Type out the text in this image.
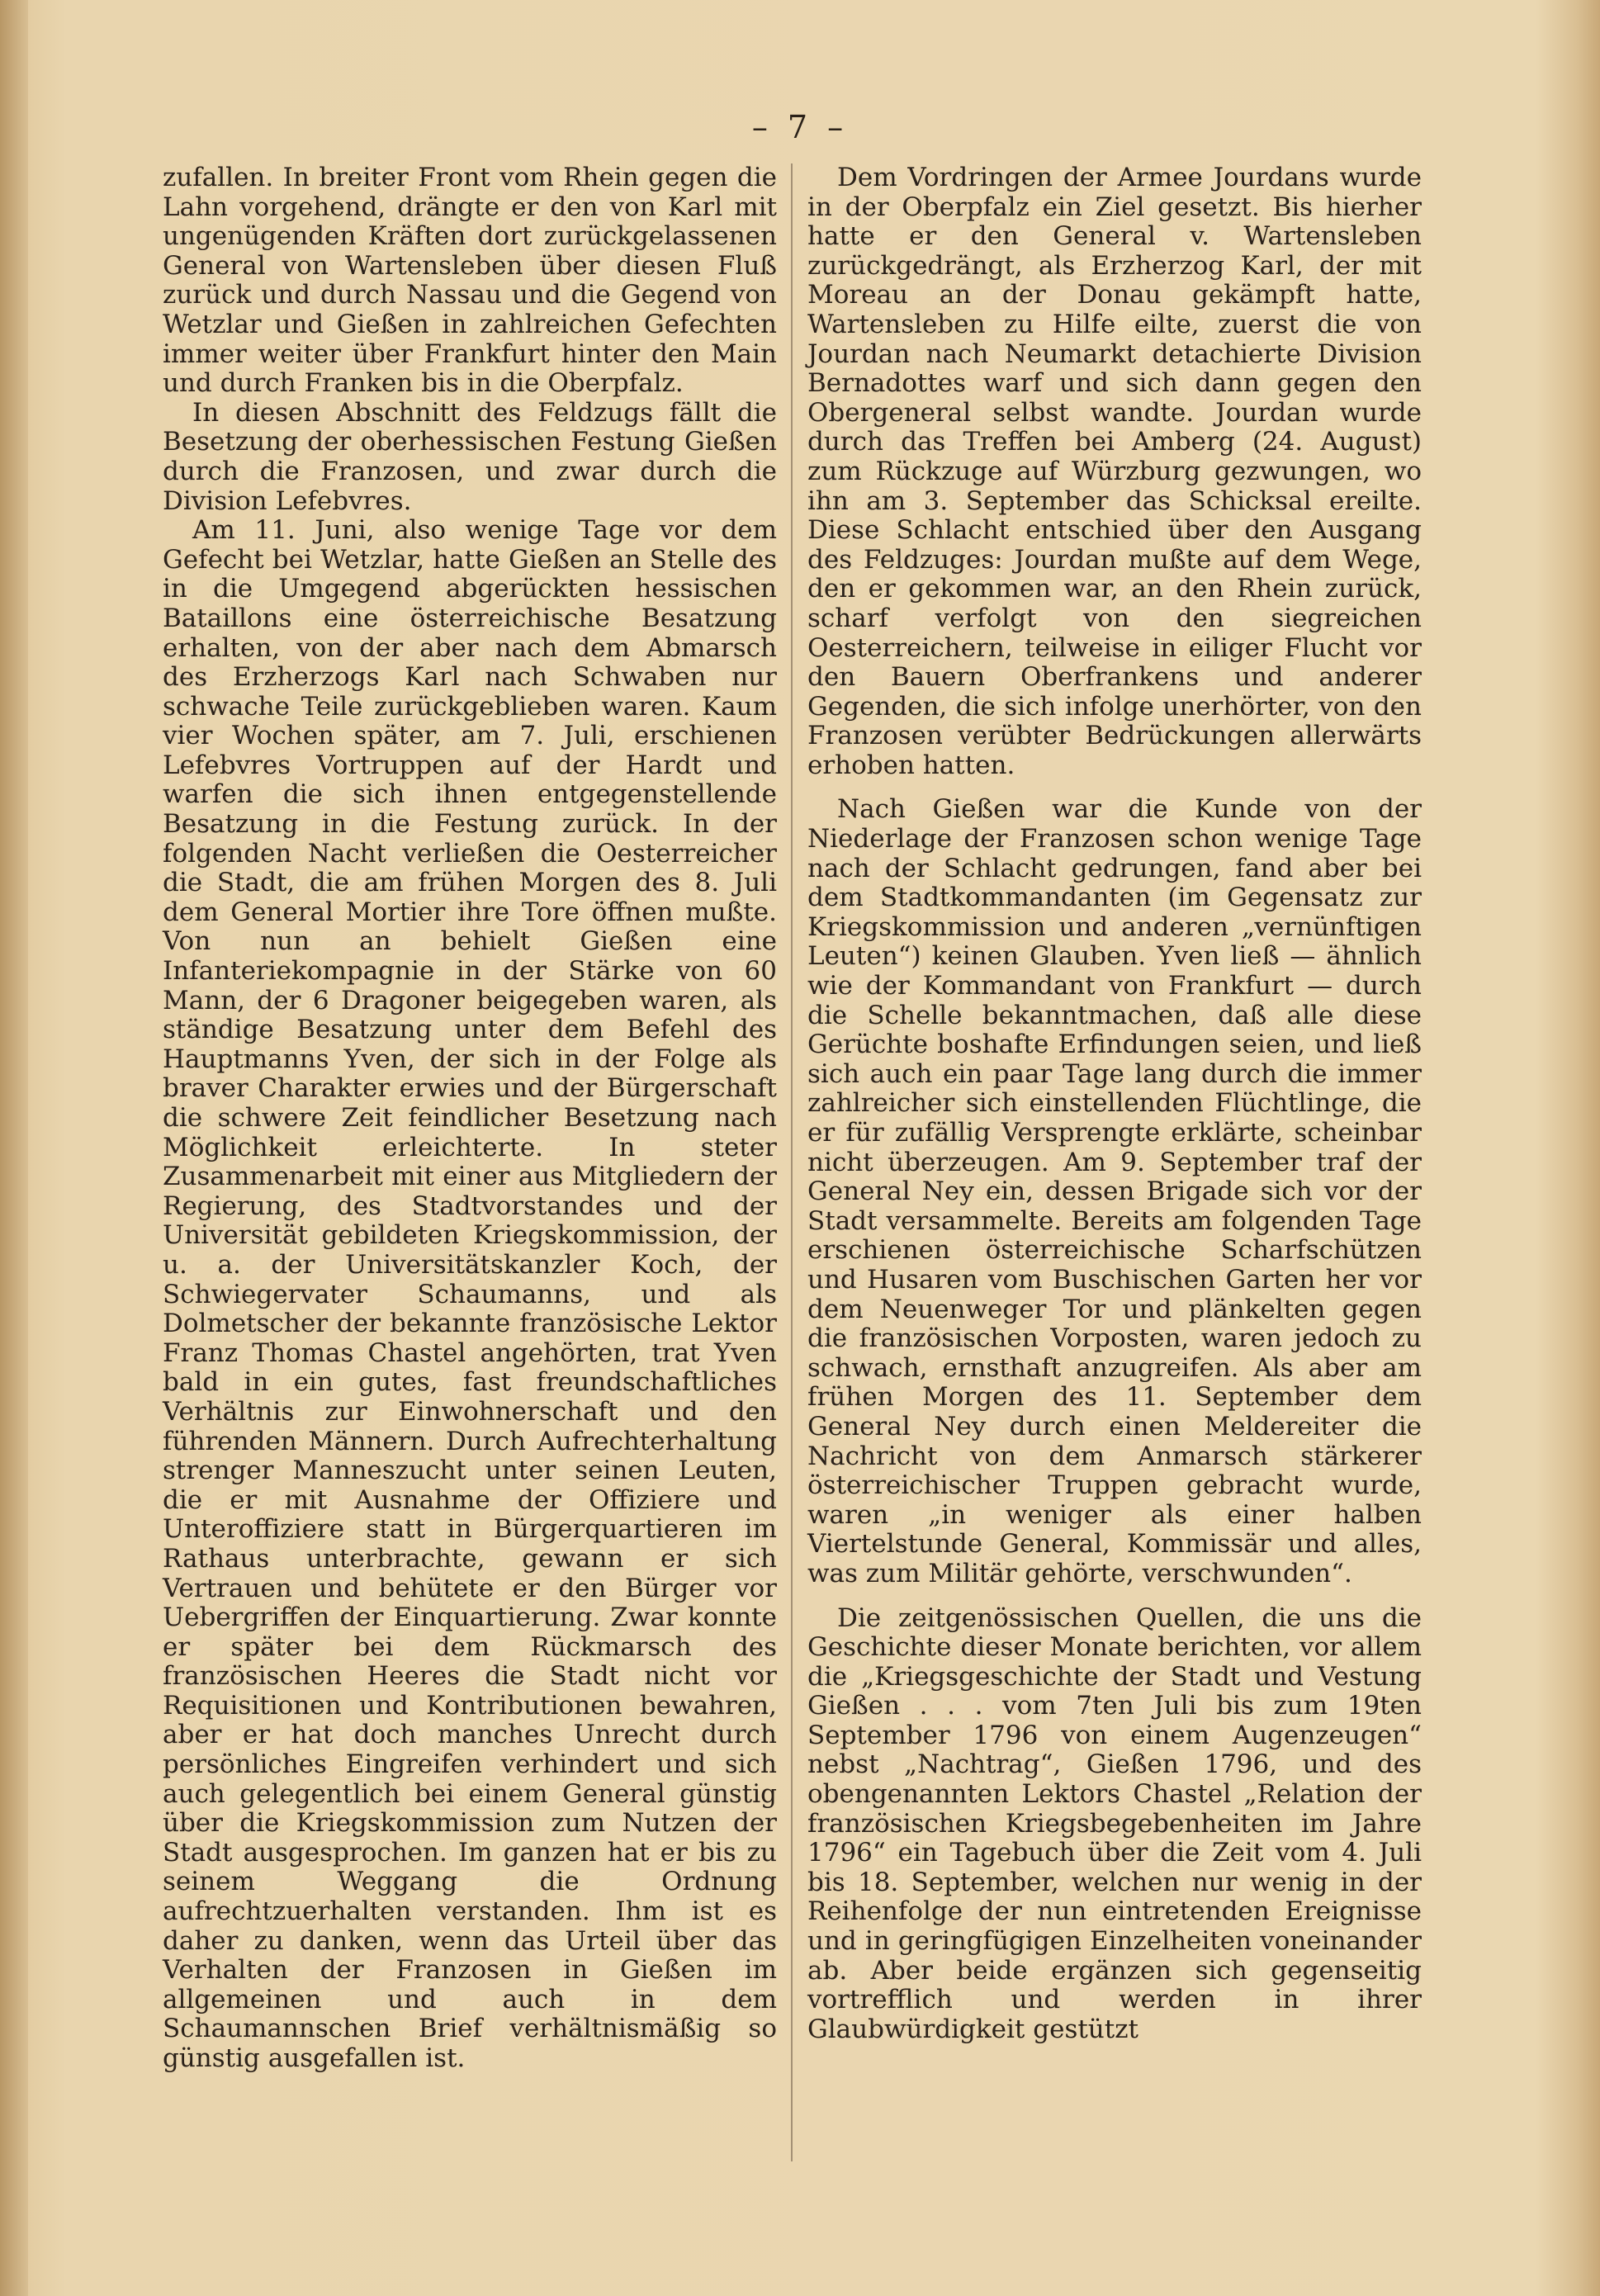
– 7 –

zufallen. In breiter Front vom Rhein gegen die Lahn vorgehend, drängte er den von Karl mit ungenügenden Kräften dort zurückgelassenen General von Wartensleben über diesen Fluß zurück und durch Nassau und die Gegend von Wetzlar und Gießen in zahlreichen Gefechten immer weiter über Frankfurt hinter den Main und durch Franken bis in die Oberpfalz.

In diesen Abschnitt des Feldzugs fällt die Besetzung der oberhessischen Festung Gießen durch die Franzosen, und zwar durch die Division Lefebvres.

Am 11. Juni, also wenige Tage vor dem Gefecht bei Wetzlar, hatte Gießen an Stelle des in die Umgegend abgerückten hessischen Bataillons eine österreichische Besatzung erhalten, von der aber nach dem Abmarsch des Erzherzogs Karl nach Schwaben nur schwache Teile zurückgeblieben waren. Kaum vier Wochen später, am 7. Juli, erschienen Lefebvres Vortruppen auf der Hardt und warfen die sich ihnen entgegenstellende Besatzung in die Festung zurück. In der folgenden Nacht verließen die Oesterreicher die Stadt, die am frühen Morgen des 8. Juli dem General Mortier ihre Tore öffnen mußte. Von nun an behielt Gießen eine Infanteriekompagnie in der Stärke von 60 Mann, der 6 Dragoner beigegeben waren, als ständige Besatzung unter dem Befehl des Hauptmanns Yven, der sich in der Folge als braver Charakter erwies und der Bürgerschaft die schwere Zeit feindlicher Besetzung nach Möglichkeit erleichterte. In steter Zusammenarbeit mit einer aus Mitgliedern der Regierung, des Stadtvorstandes und der Universität gebildeten Kriegskommission, der u. a. der Universitätskanzler Koch, der Schwiegervater Schaumanns, und als Dolmetscher der bekannte französische Lektor Franz Thomas Chastel angehörten, trat Yven bald in ein gutes, fast freundschaftliches Verhältnis zur Einwohnerschaft und den führenden Männern. Durch Aufrechterhaltung strenger Manneszucht unter seinen Leuten, die er mit Ausnahme der Offiziere und Unteroffiziere statt in Bürgerquartieren im Rathaus unterbrachte, gewann er sich Vertrauen und behütete er den Bürger vor Uebergriffen der Einquartierung. Zwar konnte er später bei dem Rückmarsch des französischen Heeres die Stadt nicht vor Requisitionen und Kontributionen bewahren, aber er hat doch manches Unrecht durch persönliches Eingreifen verhindert und sich auch gelegentlich bei einem General günstig über die Kriegskommission zum Nutzen der Stadt ausgesprochen. Im ganzen hat er bis zu seinem Weggang die Ordnung aufrechtzuerhalten verstanden. Ihm ist es daher zu danken, wenn das Urteil über das Verhalten der Franzosen in Gießen im allgemeinen und auch in dem Schaumannschen Brief verhältnismäßig so günstig ausgefallen ist.

Dem Vordringen der Armee Jourdans wurde in der Oberpfalz ein Ziel gesetzt. Bis hierher hatte er den General v. Wartensleben zurückgedrängt, als Erzherzog Karl, der mit Moreau an der Donau gekämpft hatte, Wartensleben zu Hilfe eilte, zuerst die von Jourdan nach Neumarkt detachierte Division Bernadottes warf und sich dann gegen den Obergeneral selbst wandte. Jourdan wurde durch das Treffen bei Amberg (24. August) zum Rückzuge auf Würzburg gezwungen, wo ihn am 3. September das Schicksal ereilte. Diese Schlacht entschied über den Ausgang des Feldzuges: Jourdan mußte auf dem Wege, den er gekommen war, an den Rhein zurück, scharf verfolgt von den siegreichen Oesterreichern, teilweise in eiliger Flucht vor den Bauern Oberfrankens und anderer Gegenden, die sich infolge unerhörter, von den Franzosen verübter Bedrückungen allerwärts erhoben hatten.

Nach Gießen war die Kunde von der Niederlage der Franzosen schon wenige Tage nach der Schlacht gedrungen, fand aber bei dem Stadtkommandanten (im Gegensatz zur Kriegskommission und anderen „vernünftigen Leuten“) keinen Glauben. Yven ließ — ähnlich wie der Kommandant von Frankfurt — durch die Schelle bekanntmachen, daß alle diese Gerüchte boshafte Erfindungen seien, und ließ sich auch ein paar Tage lang durch die immer zahlreicher sich einstellenden Flüchtlinge, die er für zufällig Versprengte erklärte, scheinbar nicht überzeugen. Am 9. September traf der General Ney ein, dessen Brigade sich vor der Stadt versammelte. Bereits am folgenden Tage erschienen österreichische Scharfschützen und Husaren vom Buschischen Garten her vor dem Neuenweger Tor und plänkelten gegen die französischen Vorposten, waren jedoch zu schwach, ernsthaft anzugreifen. Als aber am frühen Morgen des 11. September dem General Ney durch einen Meldereiter die Nachricht von dem Anmarsch stärkerer österreichischer Truppen gebracht wurde, waren „in weniger als einer halben Viertelstunde General, Kommissär und alles, was zum Militär gehörte, verschwunden“.

Die zeitgenössischen Quellen, die uns die Geschichte dieser Monate berichten, vor allem die „Kriegsgeschichte der Stadt und Vestung Gießen . . . vom 7ten Juli bis zum 19ten September 1796 von einem Augenzeugen“ nebst „Nachtrag“, Gießen 1796, und des obengenannten Lektors Chastel „Relation der französischen Kriegsbegebenheiten im Jahre 1796“ ein Tagebuch über die Zeit vom 4. Juli bis 18. September, welchen nur wenig in der Reihenfolge der nun eintretenden Ereignisse und in geringfügigen Einzelheiten voneinander ab. Aber beide ergänzen sich gegenseitig vortrefflich und werden in ihrer Glaubwürdigkeit gestützt
